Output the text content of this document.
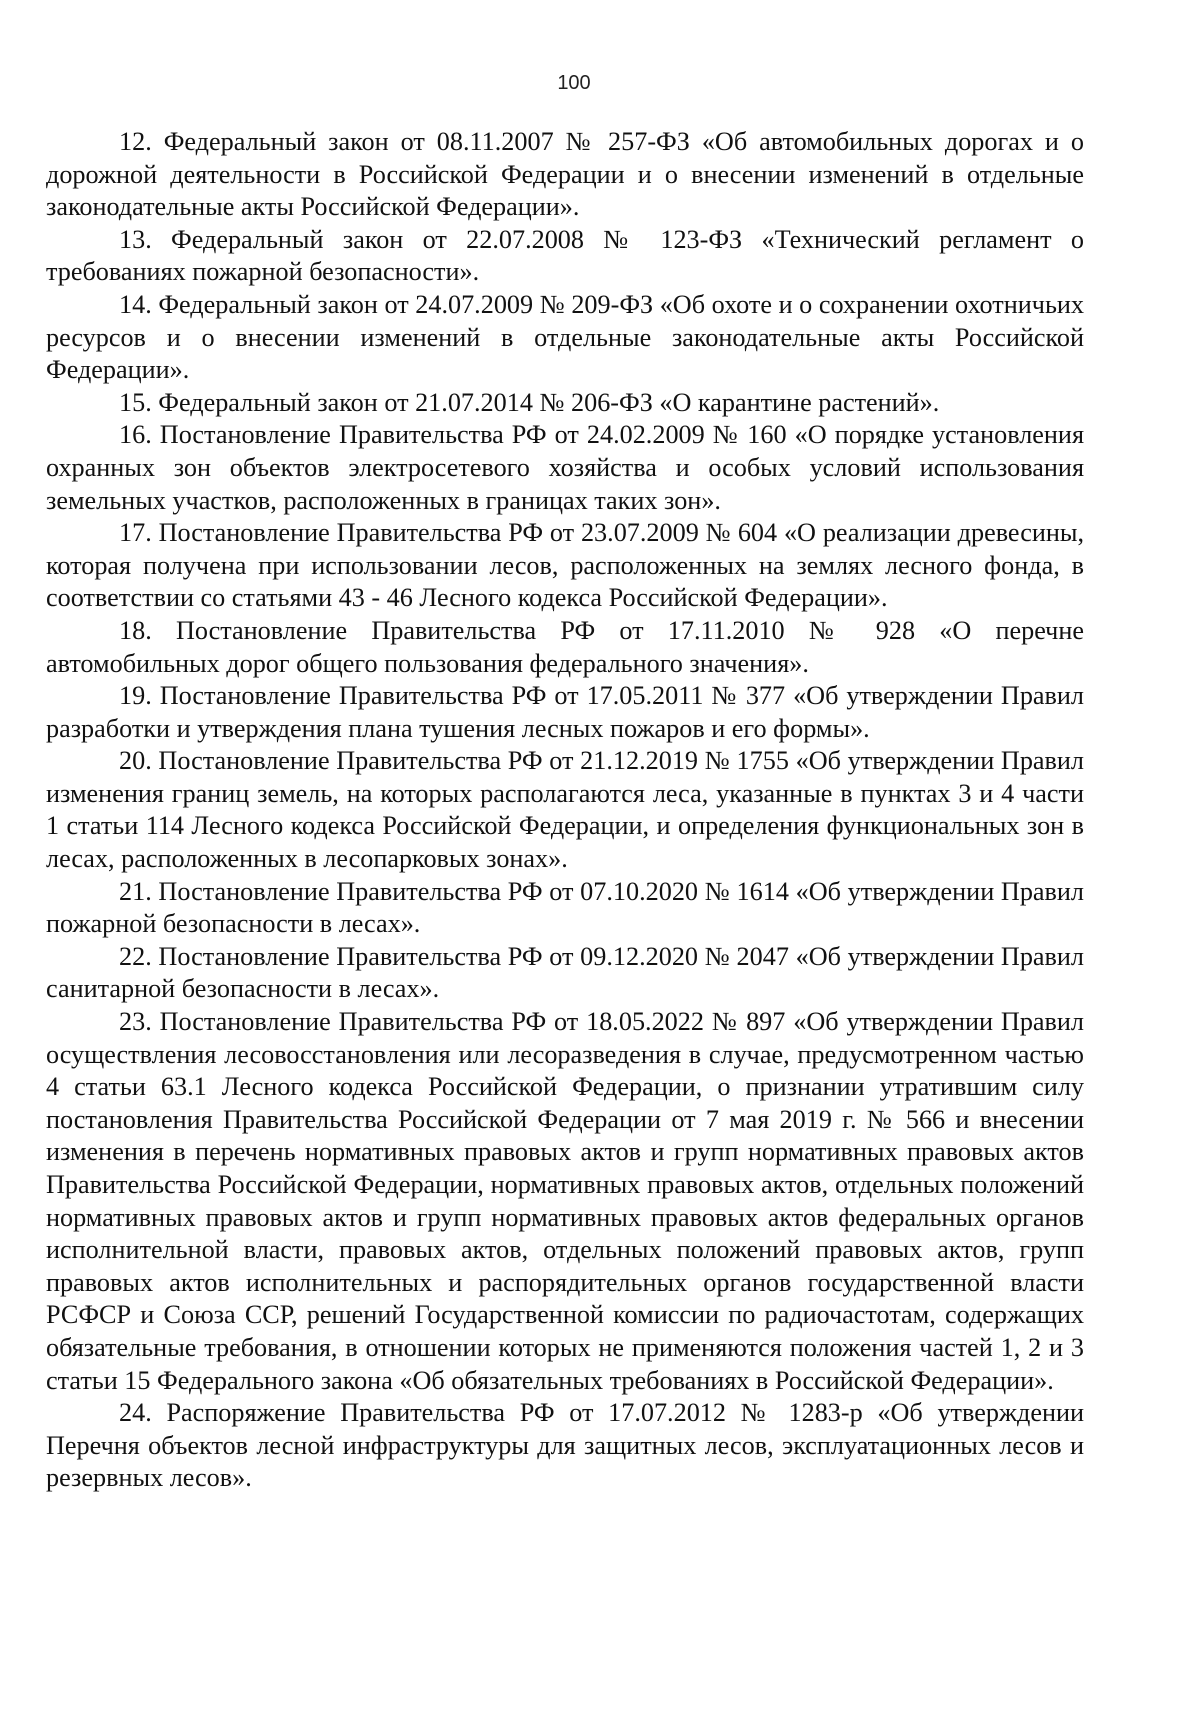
100

12. Федеральный закон от 08.11.2007 № 257-ФЗ «Об автомобильных дорогах и о дорожной деятельности в Российской Федерации и о внесении изменений в отдельные законодательные акты Российской Федерации».

13. Федеральный закон от 22.07.2008 № 123-ФЗ «Технический регламент о требованиях пожарной безопасности».

14. Федеральный закон от 24.07.2009 № 209-ФЗ «Об охоте и о сохранении охотничьих ресурсов и о внесении изменений в отдельные законодательные акты Российской Федерации».

15. Федеральный закон от 21.07.2014 № 206-ФЗ «О карантине растений».

16. Постановление Правительства РФ от 24.02.2009 № 160 «О порядке установления охранных зон объектов электросетевого хозяйства и особых условий использования земельных участков, расположенных в границах таких зон».

17. Постановление Правительства РФ от 23.07.2009 № 604 «О реализации древесины, которая получена при использовании лесов, расположенных на землях лесного фонда, в соответствии со статьями 43 - 46 Лесного кодекса Российской Федерации».

18. Постановление Правительства РФ от 17.11.2010 № 928 «О перечне автомобильных дорог общего пользования федерального значения».

19. Постановление Правительства РФ от 17.05.2011 № 377 «Об утверждении Правил разработки и утверждения плана тушения лесных пожаров и его формы».

20. Постановление Правительства РФ от 21.12.2019 № 1755 «Об утверждении Правил изменения границ земель, на которых располагаются леса, указанные в пунктах 3 и 4 части 1 статьи 114 Лесного кодекса Российской Федерации, и определения функциональных зон в лесах, расположенных в лесопарковых зонах».

21. Постановление Правительства РФ от 07.10.2020 № 1614 «Об утверждении Правил пожарной безопасности в лесах».

22. Постановление Правительства РФ от 09.12.2020 № 2047 «Об утверждении Правил санитарной безопасности в лесах».

23. Постановление Правительства РФ от 18.05.2022 № 897 «Об утверждении Правил осуществления лесовосстановления или лесоразведения в случае, предусмотренном частью 4 статьи 63.1 Лесного кодекса Российской Федерации, о признании утратившим силу постановления Правительства Российской Федерации от 7 мая 2019 г. № 566 и внесении изменения в перечень нормативных правовых актов и групп нормативных правовых актов Правительства Российской Федерации, нормативных правовых актов, отдельных положений нормативных правовых актов и групп нормативных правовых актов федеральных органов исполнительной власти, правовых актов, отдельных положений правовых актов, групп правовых актов исполнительных и распорядительных органов государственной власти РСФСР и Союза ССР, решений Государственной комиссии по радиочастотам, содержащих обязательные требования, в отношении которых не применяются положения частей 1, 2 и 3 статьи 15 Федерального закона «Об обязательных требованиях в Российской Федерации».

24. Распоряжение Правительства РФ от 17.07.2012 № 1283-р «Об утверждении Перечня объектов лесной инфраструктуры для защитных лесов, эксплуатационных лесов и резервных лесов».
